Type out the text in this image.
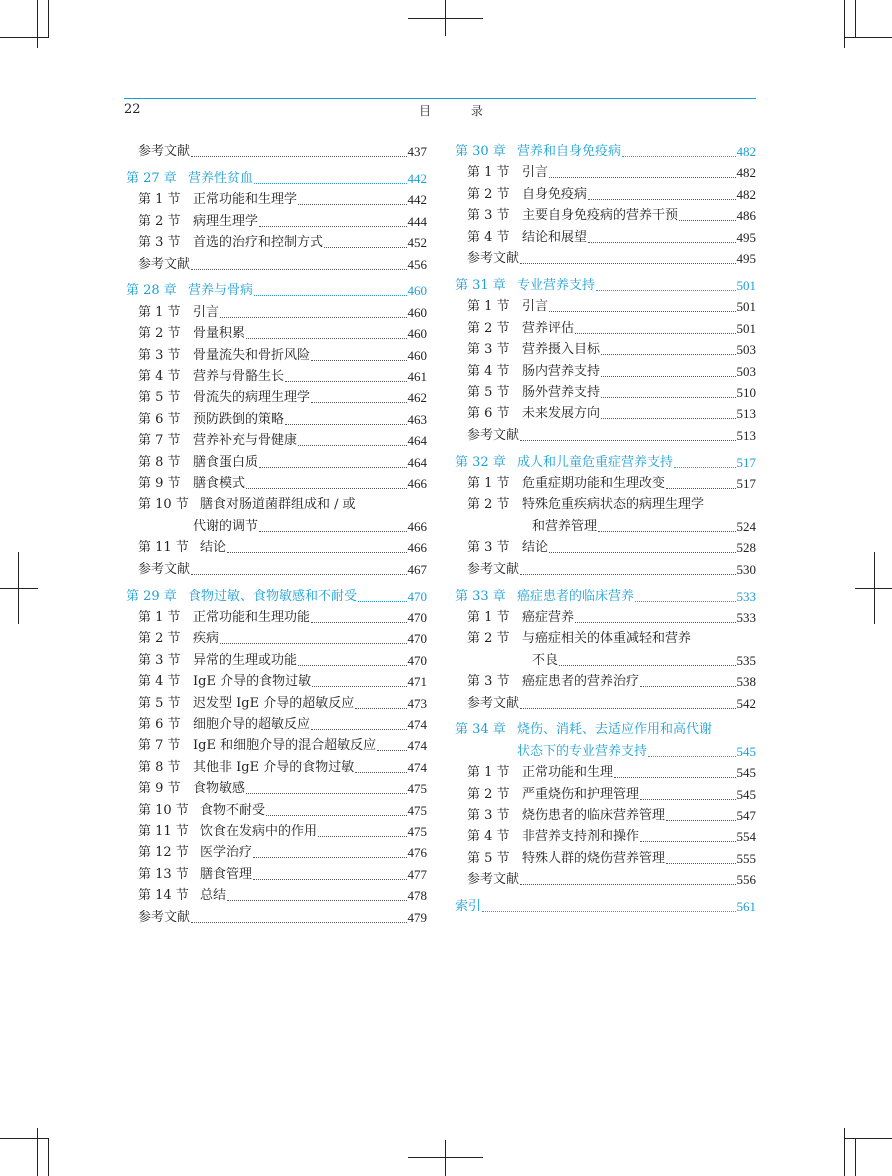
22	目 录
参考文献	437
第 27 章 营养性贫血	442
第 1 节 正常功能和生理学	442
第 2 节 病理生理学	444
第 3 节 首选的治疗和控制方式	452
参考文献	456
第 28 章 营养与骨病	460
第 1 节 引言	460
第 2 节 骨量积累	460
第 3 节 骨量流失和骨折风险	460
第 4 节 营养与骨骼生长	461
第 5 节 骨流失的病理生理学	462
第 6 节 预防跌倒的策略	463
第 7 节 营养补充与骨健康	464
第 8 节 膳食蛋白质	464
第 9 节 膳食模式	466
第 10 节 膳食对肠道菌群组成和 / 或
代谢的调节	466
第 11 节 结论	466
参考文献	467
第 29 章 食物过敏、食物敏感和不耐受	470
第 1 节 正常功能和生理功能	470
第 2 节 疾病	470
第 3 节 异常的生理或功能	470
第 4 节 IgE 介导的食物过敏	471
第 5 节 迟发型 IgE 介导的超敏反应	473
第 6 节 细胞介导的超敏反应	474
第 7 节 IgE 和细胞介导的混合超敏反应 474
第 8 节 其他非 IgE 介导的食物过敏	474
第 9 节 食物敏感	475
第 10 节 食物不耐受	475
第 11 节 饮食在发病中的作用	475
第 12 节 医学治疗	476
第 13 节 膳食管理	477
第 14 节 总结	478
参考文献	479
第 30 章 营养和自身免疫病	482
第 1 节 引言	482
第 2 节 自身免疫病	482
第 3 节 主要自身免疫病的营养干预	486
第 4 节 结论和展望	495
参考文献	495
第 31 章 专业营养支持	501
第 1 节 引言	501
第 2 节 营养评估	501
第 3 节 营养摄入目标	503
第 4 节 肠内营养支持	503
第 5 节 肠外营养支持	510
第 6 节 未来发展方向	513
参考文献	513
第 32 章 成人和儿童危重症营养支持	517
第 1 节 危重症期功能和生理改变	517
第 2 节 特殊危重疾病状态的病理生理学
和营养管理	524
第 3 节 结论	528
参考文献	530
第 33 章 癌症患者的临床营养	533
第 1 节 癌症营养	533
第 2 节 与癌症相关的体重减轻和营养
不良	535
第 3 节 癌症患者的营养治疗	538
参考文献	542
第 34 章 烧伤、消耗、去适应作用和高代谢
状态下的专业营养支持	545
第 1 节 正常功能和生理	545
第 2 节 严重烧伤和护理管理	545
第 3 节 烧伤患者的临床营养管理	547
第 4 节 非营养支持剂和操作	554
第 5 节 特殊人群的烧伤营养管理	555
参考文献	556
索引	561
